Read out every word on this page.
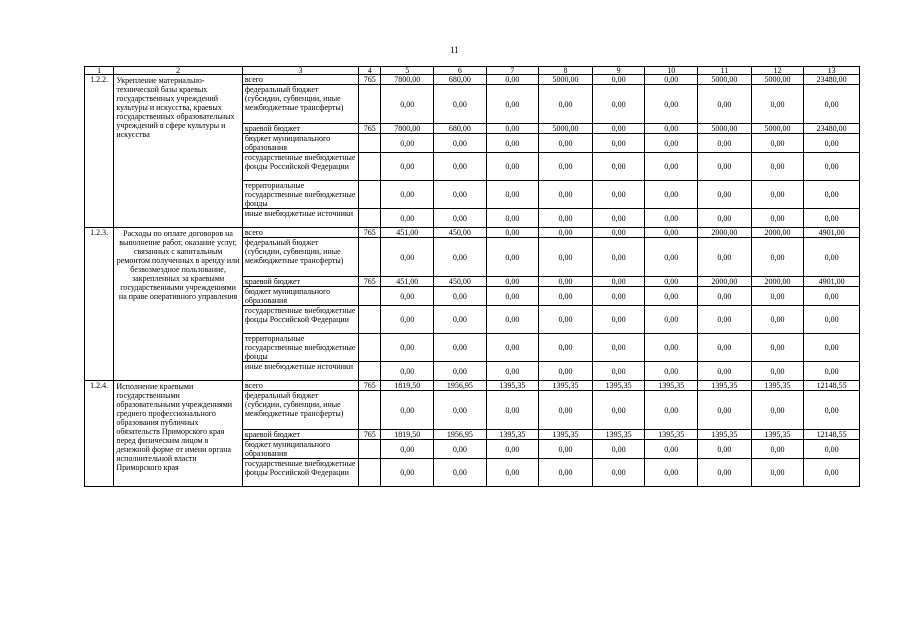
11
1	2	3	4	5	6	7	8	9	10	11	12	13
1.2.2.	Укрепление материально-технической базы краевых государственных учреждений культуры и искусства, краевых государственных образовательных учреждений в сфере культуры и искусства	всего	765	7800,00	680,00	0,00	5000,00	0,00	0,00	5000,00	5000,00	23480,00
		федеральный бюджет (субсидии, субвенции, иные межбюджетные трансферты)		0,00	0,00	0,00	0,00	0,00	0,00	0,00	0,00	0,00
		краевой бюджет	765	7800,00	680,00	0,00	5000,00	0,00	0,00	5000,00	5000,00	23480,00
		бюджет муниципального образования		0,00	0,00	0,00	0,00	0,00	0,00	0,00	0,00	0,00
		государственные внебюджетные фонды Российской Федерации		0,00	0,00	0,00	0,00	0,00	0,00	0,00	0,00	0,00
		территориальные государственные внебюджетные фонды		0,00	0,00	0,00	0,00	0,00	0,00	0,00	0,00	0,00
		иные внебюджетные источники		0,00	0,00	0,00	0,00	0,00	0,00	0,00	0,00	0,00
1.2.3.	Расходы по оплате договоров на выполнение работ, оказание услуг, связанных с капитальным ремонтом полученных в аренду или безвозмездное пользование, закрепленных за краевыми государственными учреждениями на праве оперативного управления	всего	765	451,00	450,00	0,00	0,00	0,00	0,00	2000,00	2000,00	4901,00
		федеральный бюджет (субсидии, субвенции, иные межбюджетные трансферты)		0,00	0,00	0,00	0,00	0,00	0,00	0,00	0,00	0,00
		краевой бюджет	765	451,00	450,00	0,00	0,00	0,00	0,00	2000,00	2000,00	4901,00
		бюджет муниципального образования		0,00	0,00	0,00	0,00	0,00	0,00	0,00	0,00	0,00
		государственные внебюджетные фонды Российской Федерации		0,00	0,00	0,00	0,00	0,00	0,00	0,00	0,00	0,00
		территориальные государственные внебюджетные фонды		0,00	0,00	0,00	0,00	0,00	0,00	0,00	0,00	0,00
		иные внебюджетные источники		0,00	0,00	0,00	0,00	0,00	0,00	0,00	0,00	0,00
1.2.4.	Исполнение краевыми государственными образовательными учреждениями среднего профессионального образования публичных обязательств Приморского края перед физическим лицом в денежной форме от имени органа исполнительной власти Приморского края	всего	765	1819,50	1956,95	1395,35	1395,35	1395,35	1395,35	1395,35	1395,35	12148,55
		федеральный бюджет (субсидии, субвенции, иные межбюджетные трансферты)		0,00	0,00	0,00	0,00	0,00	0,00	0,00	0,00	0,00
		краевой бюджет	765	1819,50	1956,95	1395,35	1395,35	1395,35	1395,35	1395,35	1395,35	12148,55
		бюджет муниципального образования		0,00	0,00	0,00	0,00	0,00	0,00	0,00	0,00	0,00
		государственные внебюджетные фонды Российской Федерации		0,00	0,00	0,00	0,00	0,00	0,00	0,00	0,00	0,00
